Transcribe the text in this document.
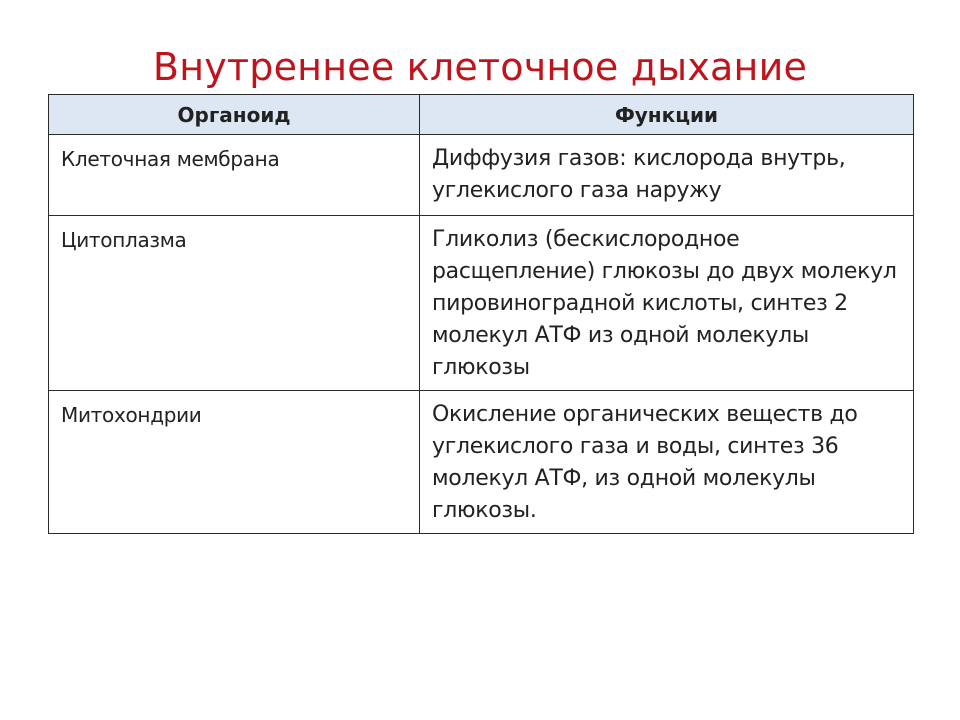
Внутреннее клеточное дыхание
Органоид	Функции
Клеточная мембрана	Диффузия газов: кислорода внутрь, углекислого газа наружу
Цитоплазма	Гликолиз (бескислородное расщепление) глюкозы до двух молекул пировиноградной кислоты, синтез 2 молекул АТФ из одной молекулы глюкозы
Митохондрии	Окисление органических веществ до углекислого газа и воды, синтез 36 молекул АТФ, из одной молекулы глюкозы.
